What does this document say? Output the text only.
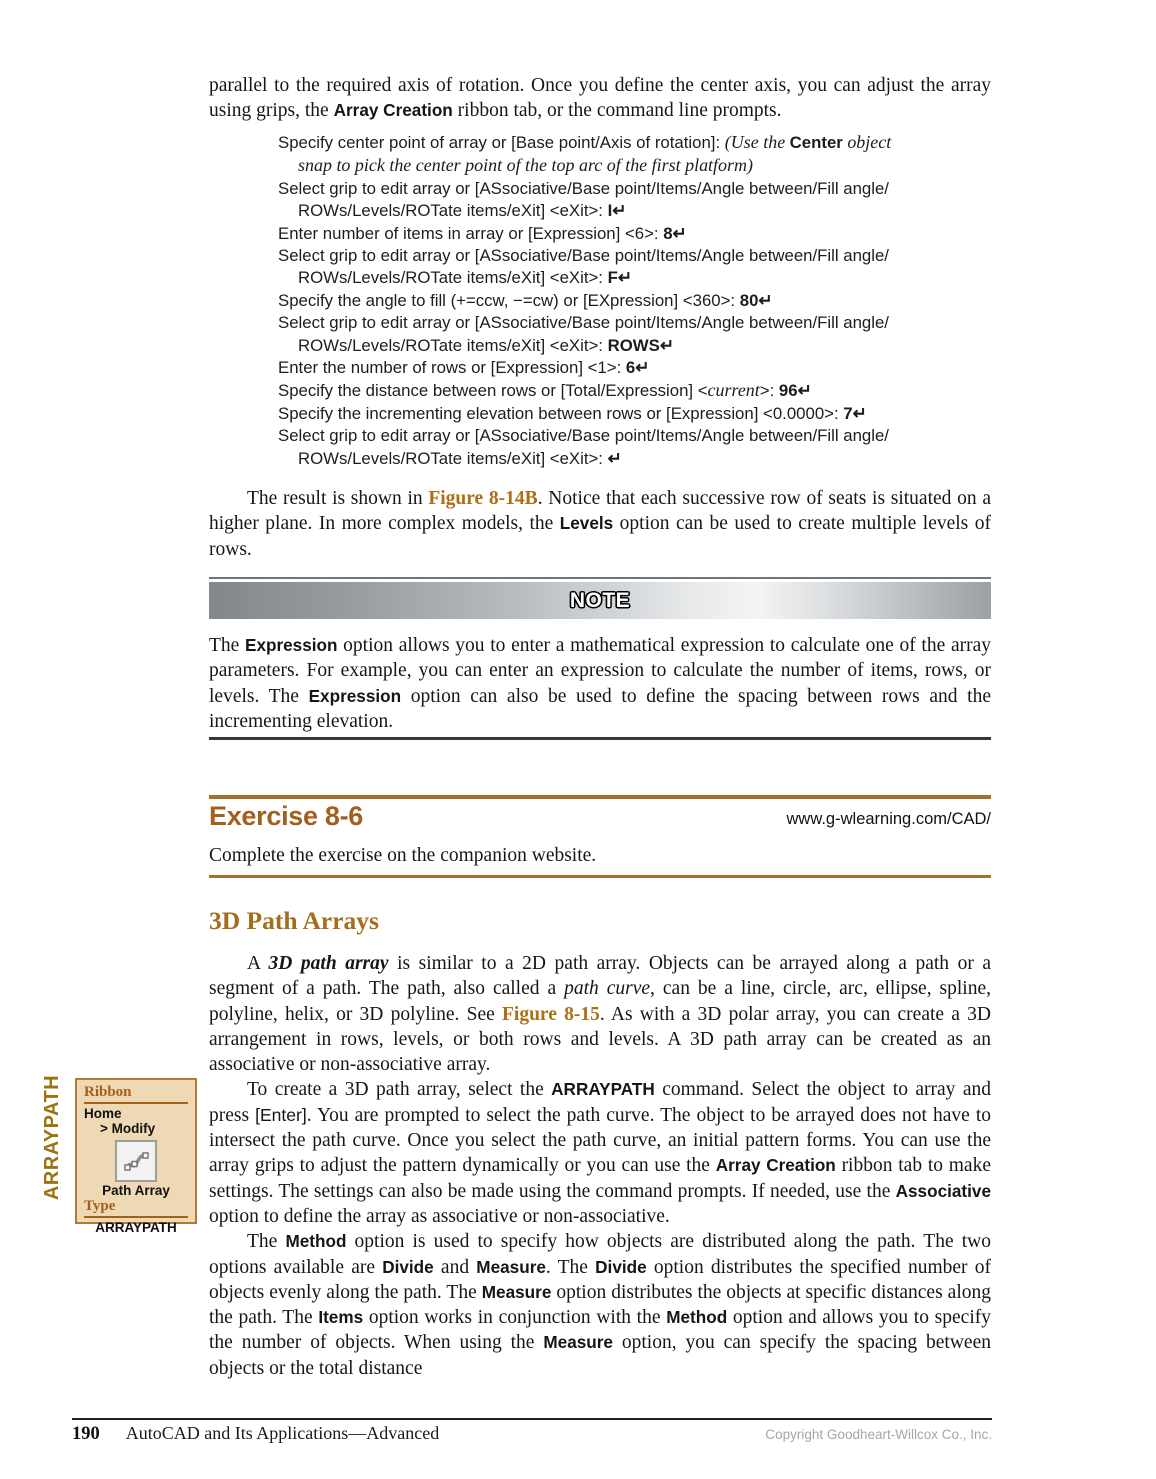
parallel to the required axis of rotation. Once you define the center axis, you can adjust the array using grips, the Array Creation ribbon tab, or the command line prompts.

Specify center point of array or [Base point/Axis of rotation]: (Use the Center object
snap to pick the center point of the top arc of the first platform)
Select grip to edit array or [ASsociative/Base point/Items/Angle between/Fill angle/
ROWs/Levels/ROTate items/eXit] <eXit>: I↵
Enter number of items in array or [Expression] <6>: 8↵
Select grip to edit array or [ASsociative/Base point/Items/Angle between/Fill angle/
ROWs/Levels/ROTate items/eXit] <eXit>: F↵
Specify the angle to fill (+=ccw, −=cw) or [EXpression] <360>: 80↵
Select grip to edit array or [ASsociative/Base point/Items/Angle between/Fill angle/
ROWs/Levels/ROTate items/eXit] <eXit>: ROWS↵
Enter the number of rows or [Expression] <1>: 6↵
Specify the distance between rows or [Total/Expression] <current>: 96↵
Specify the incrementing elevation between rows or [Expression] <0.0000>: 7↵
Select grip to edit array or [ASsociative/Base point/Items/Angle between/Fill angle/
ROWs/Levels/ROTate items/eXit] <eXit>: ↵

The result is shown in Figure 8-14B. Notice that each successive row of seats is situated on a higher plane. In more complex models, the Levels option can be used to create multiple levels of rows.

NOTE

The Expression option allows you to enter a mathematical expression to calculate one of the array parameters. For example, you can enter an expression to calculate the number of items, rows, or levels. The Expression option can also be used to define the spacing between rows and the incrementing elevation.

Exercise 8-6	www.g-wlearning.com/CAD/

Complete the exercise on the companion website.

3D Path Arrays

A 3D path array is similar to a 2D path array. Objects can be arrayed along a path or a segment of a path. The path, also called a path curve, can be a line, circle, arc, ellipse, spline, polyline, helix, or 3D polyline. See Figure 8-15. As with a 3D polar array, you can create a 3D arrangement in rows, levels, or both rows and levels. A 3D path array can be created as an associative or non-associative array.

To create a 3D path array, select the ARRAYPATH command. Select the object to array and press [Enter]. You are prompted to select the path curve. The object to be arrayed does not have to intersect the path curve. Once you select the path curve, an initial pattern forms. You can use the array grips to adjust the pattern dynamically or you can use the Array Creation ribbon tab to make settings. The settings can also be made using the command prompts. If needed, use the Associative option to define the array as associative or non-associative.

The Method option is used to specify how objects are distributed along the path. The two options available are Divide and Measure. The Divide option distributes the specified number of objects evenly along the path. The Measure option distributes the objects at specific distances along the path. The Items option works in conjunction with the Method option and allows you to specify the number of objects. When using the Measure option, you can specify the spacing between objects or the total distance

ARRAYPATH Ribbon
Home
> Modify
Path Array
Type
ARRAYPATH
190 AutoCAD and Its Applications—Advanced	Copyright Goodheart-Willcox Co., Inc.
